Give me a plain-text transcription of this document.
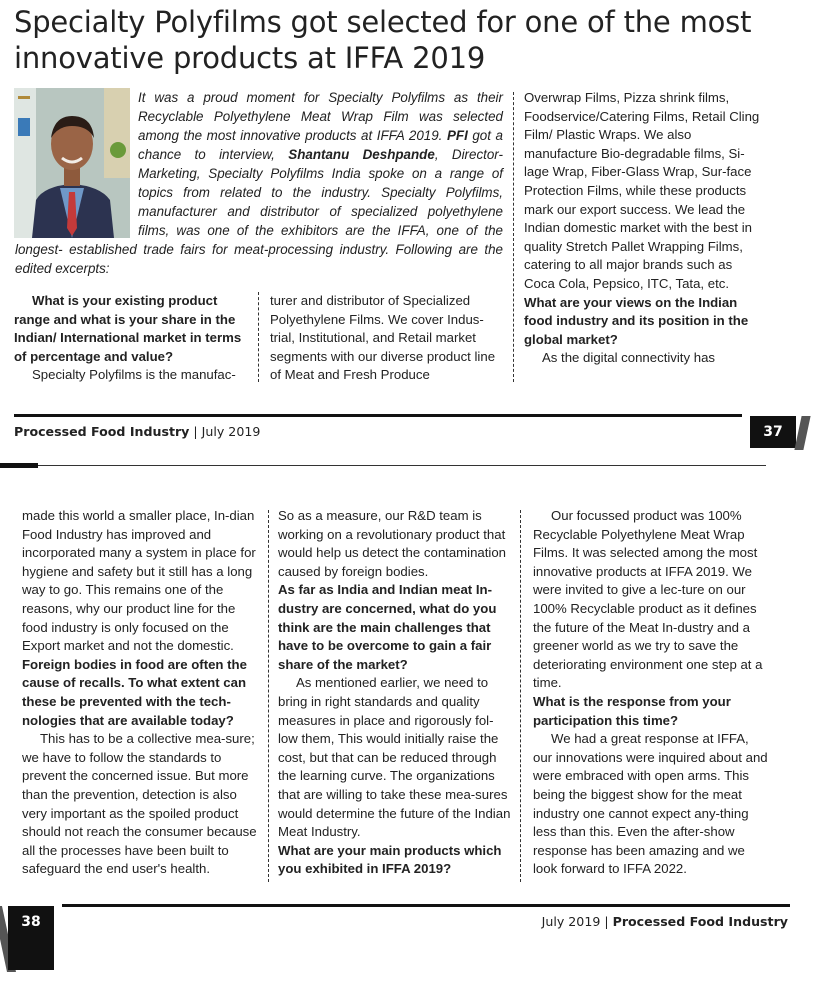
Specialty Polyfilms got selected for one of the most innovative products at IFFA 2019
It was a proud moment for Specialty Polyfilms as their Recyclable Polyethylene Meat Wrap Film was selected among the most innovative products at IFFA 2019. PFI got a chance to interview, Shantanu Deshpande, Director-Marketing, Specialty Polyfilms India spoke on a range of topics from related to the industry. Specialty Polyfilms, manufacturer and distributor of specialized polyethylene films, was one of the exhibitors are the IFFA, one of the longest- established trade fairs for meat-processing industry. Following are the edited excerpts:

What is your existing product range and what is your share in the Indian/ International market in terms of percentage and value?

Specialty Polyfilms is the manufac-

turer and distributor of Specialized Polyethylene Films. We cover Indus-trial, Institutional, and Retail market segments with our diverse product line of Meat and Fresh Produce

Overwrap Films, Pizza shrink films, Foodservice/Catering Films, Retail Cling Film/ Plastic Wraps. We also manufacture Bio-degradable films, Si-lage Wrap, Fiber-Glass Wrap, Sur-face Protection Films, while these products mark our export success. We lead the Indian domestic market with the best in quality Stretch Pallet Wrapping Films, catering to all major brands such as Coca Cola, Pepsico, ITC, Tata, etc.

What are your views on the Indian food industry and its position in the global market?

As the digital connectivity has

Processed Food Industry | July 2019	37

made this world a smaller place, In-dian Food Industry has improved and incorporated many a system in place for hygiene and safety but it still has a long way to go. This remains one of the reasons, why our product line for the food industry is only focused on the Export market and not the domestic.

Foreign bodies in food are often the cause of recalls. To what extent can these be prevented with the tech-nologies that are available today?

This has to be a collective mea-sure; we have to follow the standards to prevent the concerned issue. But more than the prevention, detection is also very important as the spoiled product should not reach the consumer because all the processes have been built to safeguard the end user's health.

So as a measure, our R&D team is working on a revolutionary product that would help us detect the contamination caused by foreign bodies.

As far as India and Indian meat In-dustry are concerned, what do you think are the main challenges that have to be overcome to gain a fair share of the market?

As mentioned earlier, we need to bring in right standards and quality measures in place and rigorously fol-low them, This would initially raise the cost, but that can be reduced through the learning curve. The organizations that are willing to take these mea-sures would determine the future of the Indian Meat Industry.

What are your main products which you exhibited in IFFA 2019?

Our focussed product was 100% Recyclable Polyethylene Meat Wrap Films. It was selected among the most innovative products at IFFA 2019. We were invited to give a lec-ture on our 100% Recyclable product as it defines the future of the Meat In-dustry and a greener world as we try to save the deteriorating environment one step at a time.

What is the response from your participation this time?

We had a great response at IFFA, our innovations were inquired about and were embraced with open arms. This being the biggest show for the meat industry one cannot expect any-thing less than this. Even the after-show response has been amazing and we look forward to IFFA 2022.

38	July 2019 | Processed Food Industry
